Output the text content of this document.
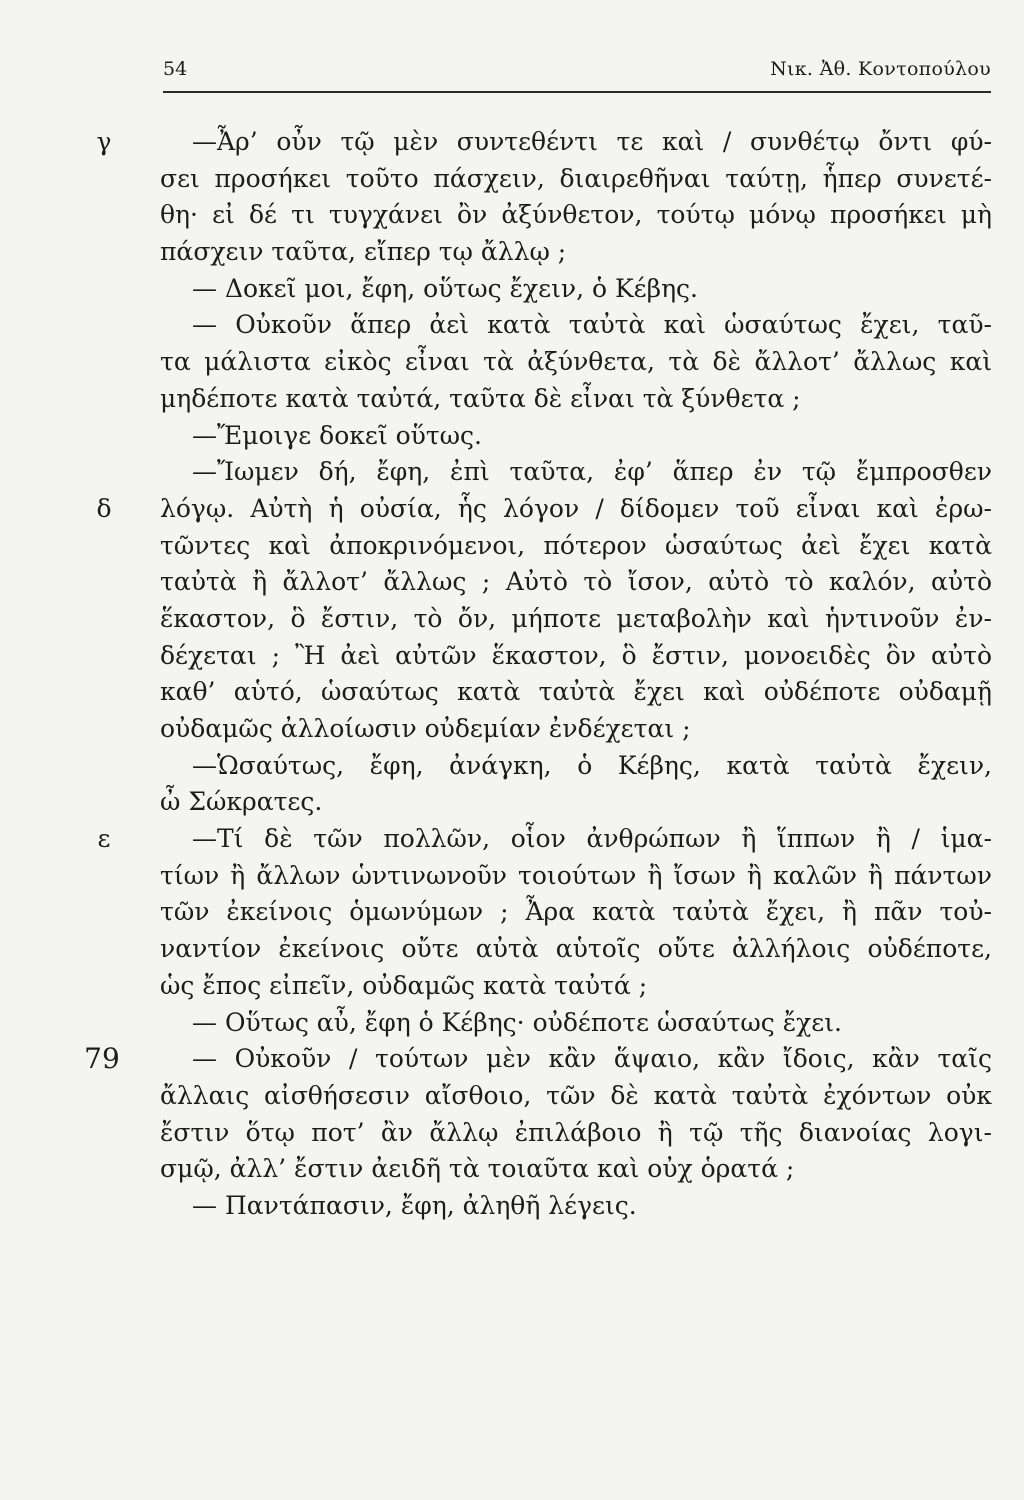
54	Νικ. Ἀθ. Κοντοπούλου
γ	—Ἆρ’ οὖν τῷ μὲν συντεθέντι τε καὶ / συνθέτῳ ὄντι φύ-
σει προσήκει τοῦτο πάσχειν, διαιρεθῆναι ταύτῃ, ἧπερ συνετέ-
θη· εἰ δέ τι τυγχάνει ὂν ἀξύνθετον, τούτῳ μόνῳ προσήκει μὴ
πάσχειν ταῦτα, εἴπερ τῳ ἄλλῳ ;
— Δοκεῖ μοι, ἔφη, οὕτως ἔχειν, ὁ Κέβης.
— Οὐκοῦν ἅπερ ἀεὶ κατὰ ταὐτὰ καὶ ὡσαύτως ἔχει, ταῦ-
τα μάλιστα εἰκὸς εἶναι τὰ ἀξύνθετα, τὰ δὲ ἄλλοτ’ ἄλλως καὶ
μηδέποτε κατὰ ταὐτά, ταῦτα δὲ εἶναι τὰ ξύνθετα ;
—Ἔμοιγε δοκεῖ οὕτως.
—Ἴωμεν δή, ἔφη, ἐπὶ ταῦτα, ἐφ’ ἅπερ ἐν τῷ ἔμπροσθεν
δ	λόγῳ. Αὐτὴ ἡ οὐσία, ἧς λόγον / δίδομεν τοῦ εἶναι καὶ ἐρω-
τῶντες καὶ ἀποκρινόμενοι, πότερον ὡσαύτως ἀεὶ ἔχει κατὰ
ταὐτὰ ἢ ἄλλοτ’ ἄλλως ; Αὐτὸ τὸ ἴσον, αὐτὸ τὸ καλόν, αὐτὸ
ἕκαστον, ὃ ἔστιν, τὸ ὄν, μήποτε μεταβολὴν καὶ ἡντινοῦν ἐν-
δέχεται ; Ἢ ἀεὶ αὐτῶν ἕκαστον, ὃ ἔστιν, μονοειδὲς ὂν αὐτὸ
καθ’ αὑτό, ὡσαύτως κατὰ ταὐτὰ ἔχει καὶ οὐδέποτε οὐδαμῇ
οὐδαμῶς ἀλλοίωσιν οὐδεμίαν ἐνδέχεται ;
—Ὡσαύτως, ἔφη, ἀνάγκη, ὁ Κέβης, κατὰ ταὐτὰ ἔχειν,
ὦ Σώκρατες.
ε	—Τί δὲ τῶν πολλῶν, οἷον ἀνθρώπων ἢ ἵππων ἢ / ἱμα-
τίων ἢ ἄλλων ὡντινωνοῦν τοιούτων ἢ ἴσων ἢ καλῶν ἢ πάντων
τῶν ἐκείνοις ὁμωνύμων ; Ἆρα κατὰ ταὐτὰ ἔχει, ἢ πᾶν τοὐ-
ναντίον ἐκείνοις οὔτε αὐτὰ αὑτοῖς οὔτε ἀλλήλοις οὐδέποτε,
ὡς ἔπος εἰπεῖν, οὐδαμῶς κατὰ ταὐτά ;
— Οὕτως αὖ, ἔφη ὁ Κέβης· οὐδέποτε ὡσαύτως ἔχει.
79	— Οὐκοῦν / τούτων μὲν κἂν ἅψαιο, κἂν ἴδοις, κἂν ταῖς
ἄλλαις αἰσθήσεσιν αἴσθοιο, τῶν δὲ κατὰ ταὐτὰ ἐχόντων οὐκ
ἔστιν ὅτῳ ποτ’ ἂν ἄλλῳ ἐπιλάβοιο ἢ τῷ τῆς διανοίας λογι-
σμῷ, ἀλλ’ ἔστιν ἀειδῆ τὰ τοιαῦτα καὶ οὐχ ὁρατά ;
— Παντάπασιν, ἔφη, ἀληθῆ λέγεις.
